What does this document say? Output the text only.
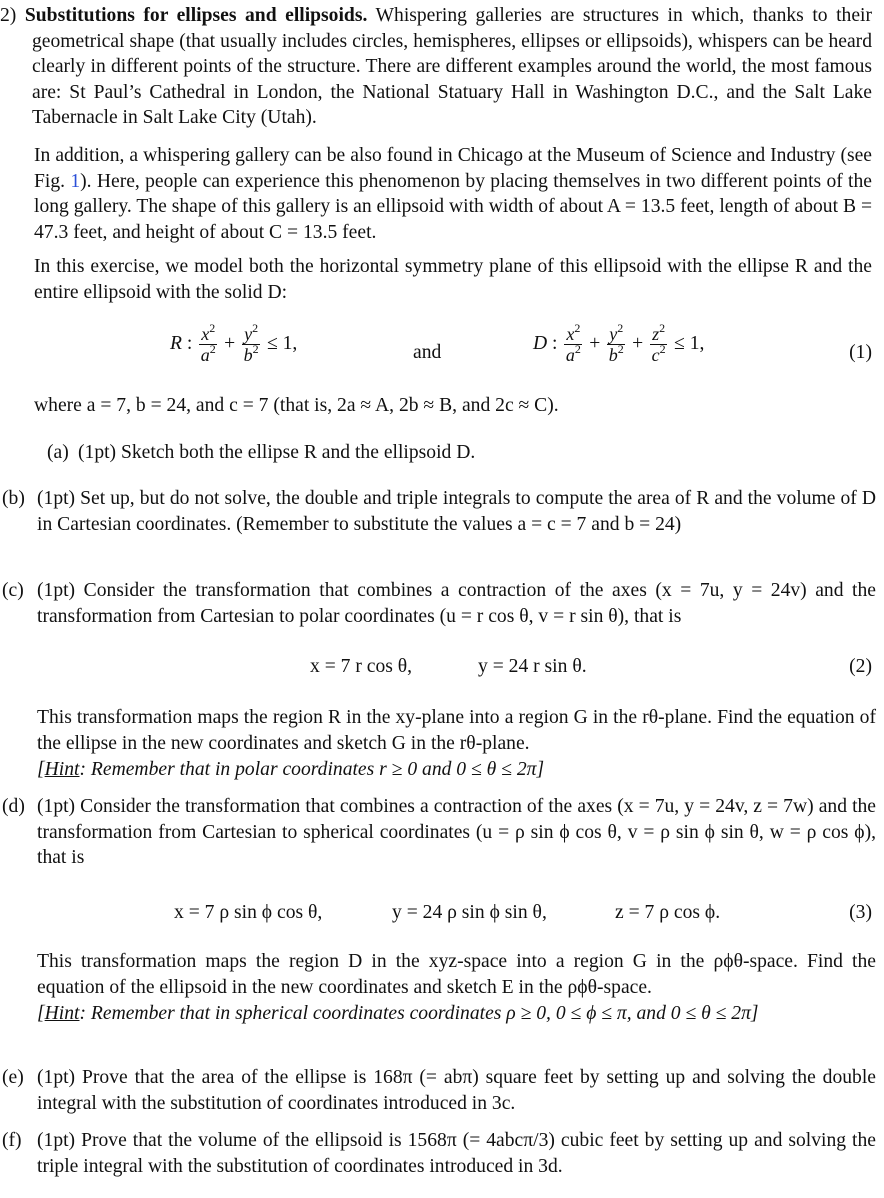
2) Substitutions for ellipses and ellipsoids. Whispering galleries are structures in which, thanks to their geometrical shape (that usually includes circles, hemispheres, ellipses or ellipsoids), whispers can be heard clearly in different points of the structure. There are different examples around the world, the most famous are: St Paul’s Cathedral in London, the National Statuary Hall in Washington D.C., and the Salt Lake Tabernacle in Salt Lake City (Utah).
In addition, a whispering gallery can be also found in Chicago at the Museum of Science and Industry (see Fig. 1). Here, people can experience this phenomenon by placing themselves in two different points of the long gallery. The shape of this gallery is an ellipsoid with width of about A = 13.5 feet, length of about B = 47.3 feet, and height of about C = 13.5 feet.
In this exercise, we model both the horizontal symmetry plane of this ellipsoid with the ellipse R and the entire ellipsoid with the solid D:
R : $\frac{x^2}{a^2} + \frac{y^2}{b^2} \le 1$,	and	D : $\frac{x^2}{a^2} + \frac{y^2}{b^2} + \frac{z^2}{c^2} \le 1$,	(1)
where a = 7, b = 24, and c = 7 (that is, 2a ≈ A, 2b ≈ B, and 2c ≈ C).
(a) (1pt) Sketch both the ellipse R and the ellipsoid D.
(b) (1pt) Set up, but do not solve, the double and triple integrals to compute the area of R and the volume of D in Cartesian coordinates. (Remember to substitute the values a = c = 7 and b = 24)
(c) (1pt) Consider the transformation that combines a contraction of the axes (x = 7u, y = 24v) and the transformation from Cartesian to polar coordinates (u = r cos θ, v = r sin θ), that is
x = 7 r cos θ,	y = 24 r sin θ.	(2)
This transformation maps the region R in the xy-plane into a region G in the rθ-plane. Find the equation of the ellipse in the new coordinates and sketch G in the rθ-plane.
[Hint: Remember that in polar coordinates r ≥ 0 and 0 ≤ θ ≤ 2π]
(d) (1pt) Consider the transformation that combines a contraction of the axes (x = 7u, y = 24v, z = 7w) and the transformation from Cartesian to spherical coordinates (u = ρ sin ϕ cos θ, v = ρ sin ϕ sin θ, w = ρ cos ϕ), that is
x = 7 ρ sin ϕ cos θ,	y = 24 ρ sin ϕ sin θ,	z = 7 ρ cos ϕ.	(3)
This transformation maps the region D in the xyz-space into a region G in the ρϕθ-space. Find the equation of the ellipsoid in the new coordinates and sketch E in the ρϕθ-space.
[Hint: Remember that in spherical coordinates coordinates ρ ≥ 0, 0 ≤ ϕ ≤ π, and 0 ≤ θ ≤ 2π]
(e) (1pt) Prove that the area of the ellipse is 168π (= abπ) square feet by setting up and solving the double integral with the substitution of coordinates introduced in 3c.
(f) (1pt) Prove that the volume of the ellipsoid is 1568π (= 4abcπ/3) cubic feet by setting up and solving the triple integral with the substitution of coordinates introduced in 3d.
